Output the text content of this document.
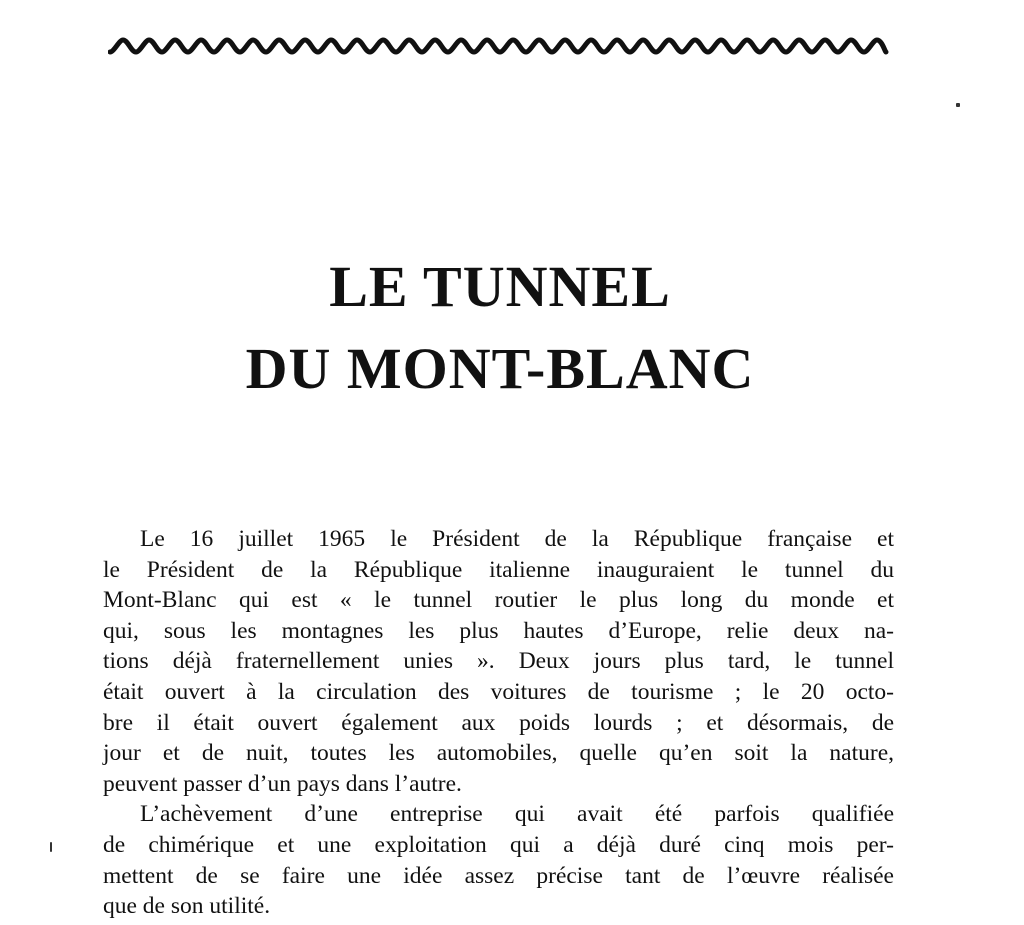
LE TUNNEL
DU MONT-BLANC

Le 16 juillet 1965 le Président de la République française et
le Président de la République italienne inauguraient le tunnel du
Mont-Blanc qui est « le tunnel routier le plus long du monde et
qui, sous les montagnes les plus hautes d’Europe, relie deux na-
tions déjà fraternellement unies ». Deux jours plus tard, le tunnel
était ouvert à la circulation des voitures de tourisme ; le 20 octo-
bre il était ouvert également aux poids lourds ; et désormais, de
jour et de nuit, toutes les automobiles, quelle qu’en soit la nature,
peuvent passer d’un pays dans l’autre.

L’achèvement d’une entreprise qui avait été parfois qualifiée
de chimérique et une exploitation qui a déjà duré cinq mois per-
mettent de se faire une idée assez précise tant de l’œuvre réalisée
que de son utilité.
